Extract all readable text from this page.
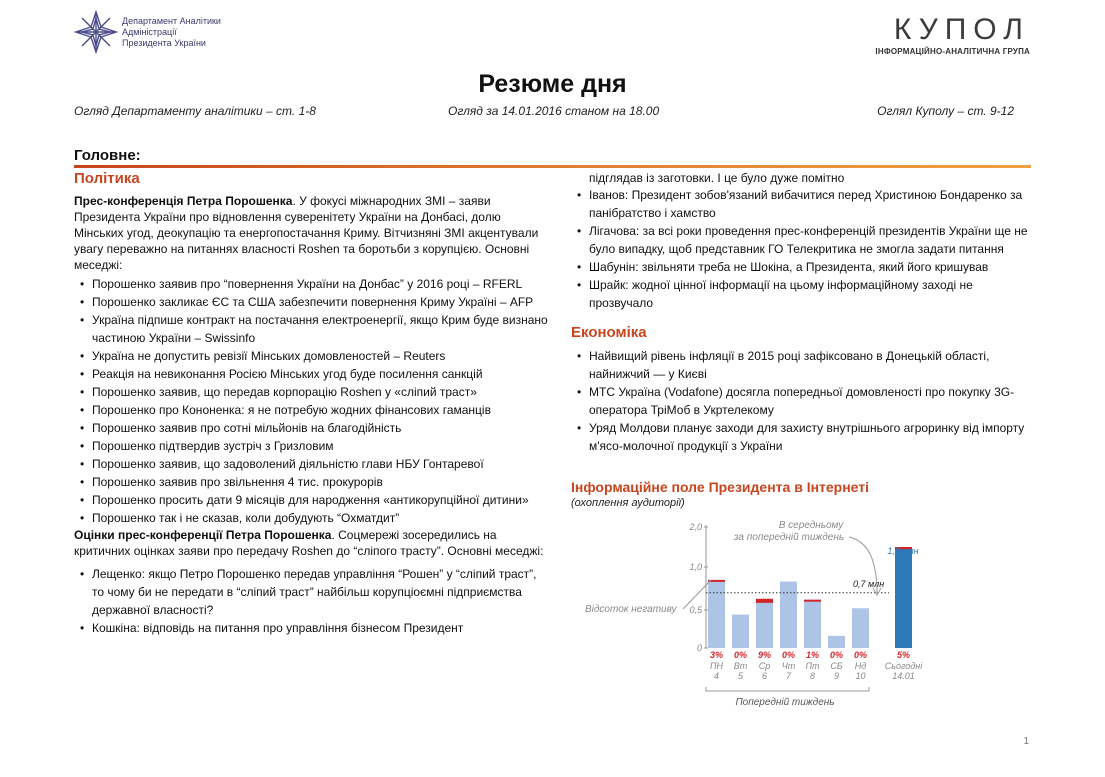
Департамент Аналітики
Адміністрації
Президента України	КУПОЛ
ІНФОРМАЦІЙНО-АНАЛІТИЧНА ГРУПА
Резюме дня
Огляд Департаменту аналітики – ст. 1-8	Огляд за 14.01.2016 станом на 18.00	Оглял Куполу – ст. 9-12
Головне:
Політика

Прес-конференція Петра Порошенка. У фокусі міжнародних ЗМІ – заяви Президента України про відновлення суверенітету України на Донбасі, долю Мінських угод, деокупацію та енергопостачання Криму. Вітчизняні ЗМІ акцентували увагу переважно на питаннях власності Roshen та боротьби з корупцією. Основні меседжі:

• Порошенко заявив про “повернення України на Донбас” у 2016 році – RFERL
• Порошенко закликає ЄС та США забезпечити повернення Криму Україні – AFP
• Україна підпише контракт на постачання електроенергії, якщо Крим буде визнано частиною України – Swissinfo
• Україна не допустить ревізії Мінських домовленостей – Reuters
• Реакція на невиконання Росією Мінських угод буде посилення санкцій
• Порошенко заявив, що передав корпорацію Roshen у «сліпий траст»
• Порошенко про Кононенка: я не потребую жодних фінансових гаманців
• Порошенко заявив про сотні мільйонів на благодійність
• Порошенко підтвердив зустріч з Гризловим
• Порошенко заявив, що задоволений діяльністю глави НБУ Гонтаревої
• Порошенко заявив про звільнення 4 тис. прокурорів
• Порошенко просить дати 9 місяців для народження «антикорупційної дитини»
• Порошенко так і не сказав, коли добудують “Охматдит”

Оцінки прес-конференції Петра Порошенка. Соцмережі зосередились на критичних оцінках заяви про передачу Roshen до “сліпого трасту”. Основні меседжі:

• Лещенко: якщо Петро Порошенко передав управління “Рошен” у “сліпий траст”, то чому би не передати в “сліпий траст” найбільш корупціоємні підприємства державної власності?
• Кошкіна: відповідь на питання про управління бізнесом Президент
підглядав із заготовки. І це було дуже помітно
• Іванов: Президент зобов'язаний вибачитися перед Христиною Бондаренко за панібратство і хамство
• Лігачова: за всі роки проведення прес-конференцій президентів України ще не було випадку, щоб представник ГО Телекритика не змогла задати питання
• Шабунін: звільняти треба не Шокіна, а Президента, який його кришував
• Шрайк: жодної цінної інформації на цьому інформаційному заході не прозвучало
Економіка
• Найвищий рівень інфляції в 2015 році зафіксовано в Донецькій області, найнижчий — у Києві
• МТС Україна (Vodafone) досягла попередньої домовленості про покупку 3G-оператора ТріМоб в Укртелекому
• Уряд Молдови планує заходи для захисту внутрішнього агроринку від імпорту м'ясо-молочної продукції з України
Інформаційне поле Президента в Інтернеті
(охоплення аудиторії)
0
0,5
1,0
2,0
3%
ПН
4
0%
Вт
5
9%
Ср
6
0%
Чт
7
1%
Пт
8
0%
СБ
9
0%
Нд
10
5%
Сьогодні
14.01
0,7 млн
1,5 млн
В середньому
за попередній тиждень
Відсоток негативу
Попередній тиждень
1
